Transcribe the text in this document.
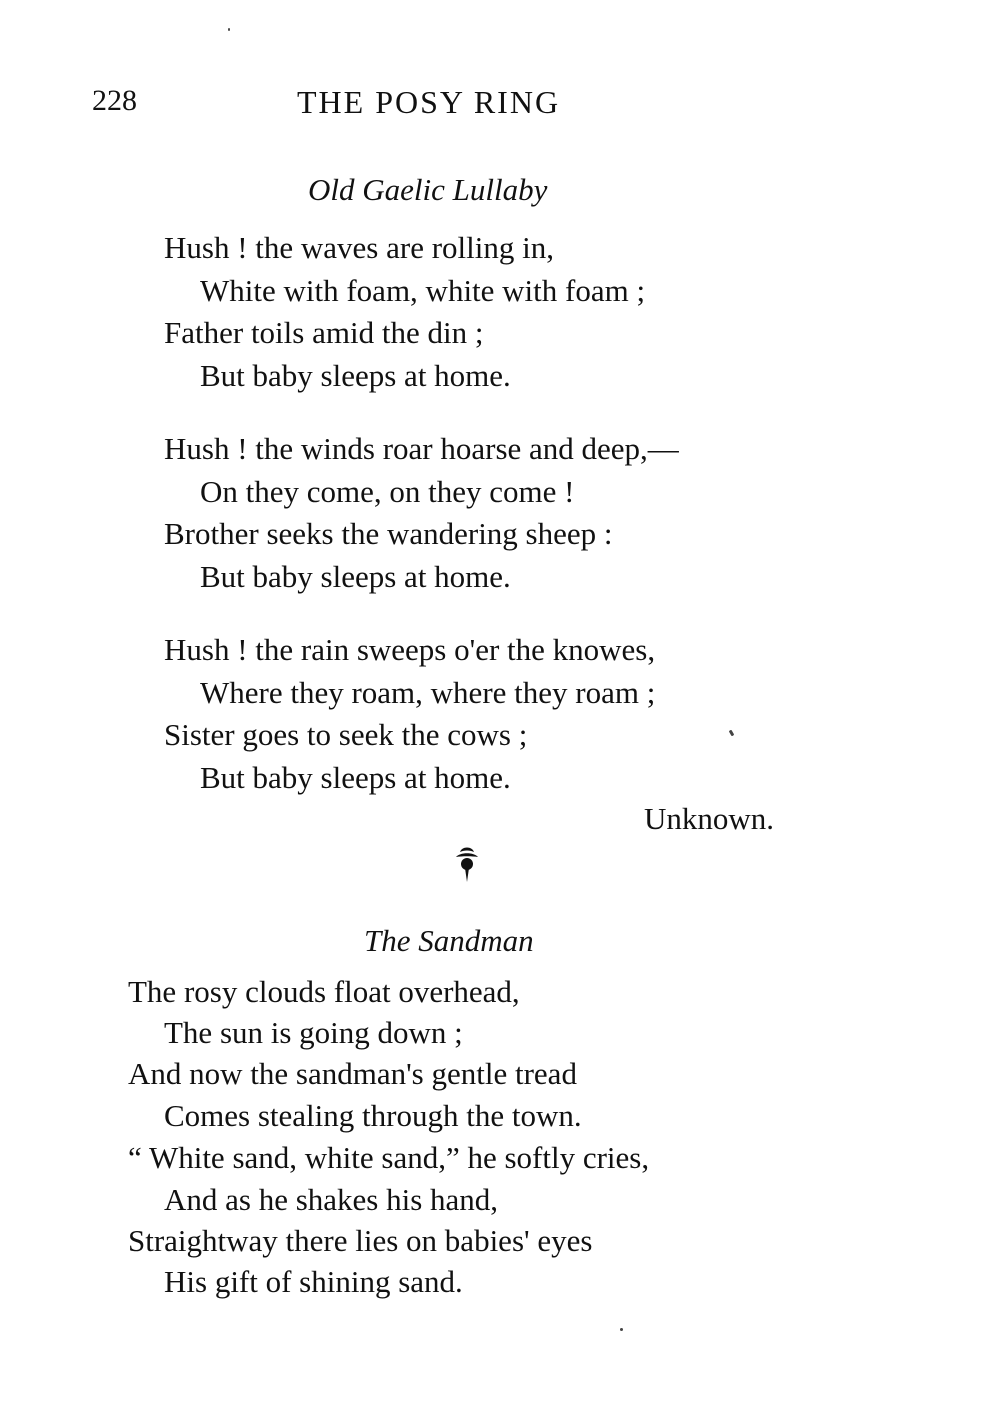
228	THE POSY RING
Old Gaelic Lullaby
Hush ! the waves are rolling in,
White with foam, white with foam ;
Father toils amid the din ;
But baby sleeps at home.
Hush ! the winds roar hoarse and deep,—
On they come, on they come !
Brother seeks the wandering sheep :
But baby sleeps at home.
Hush ! the rain sweeps o'er the knowes,
Where they roam, where they roam ;
Sister goes to seek the cows ;
But baby sleeps at home.
Unknown.
The Sandman
The rosy clouds float overhead,
The sun is going down ;
And now the sandman's gentle tread
Comes stealing through the town.
“ White sand, white sand,” he softly cries,
And as he shakes his hand,
Straightway there lies on babies' eyes
His gift of shining sand.
